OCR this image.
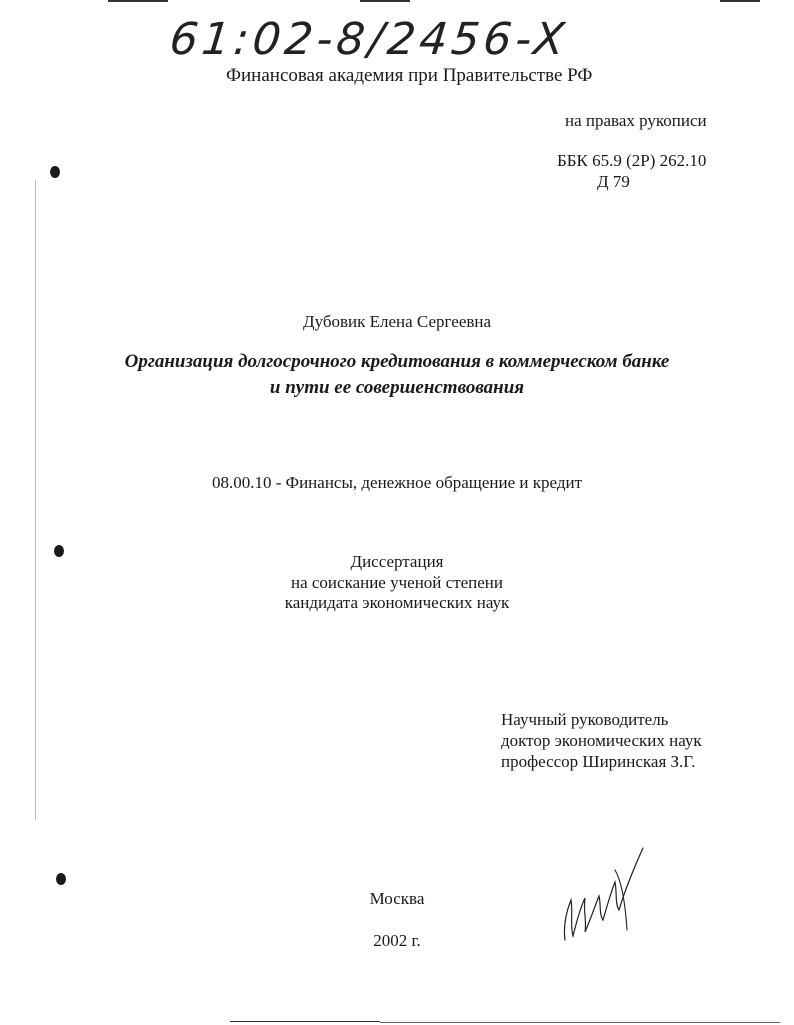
61:02-8/2456-X
Финансовая академия при Правительстве РФ
на правах рукописи
ББК 65.9 (2Р) 262.10
Д 79
Дубовик Елена Сергеевна
Организация долгосрочного кредитования в коммерческом банке
и пути ее совершенствования
08.00.10 - Финансы, денежное обращение и кредит
Диссертация
на соискание ученой степени
кандидата экономических наук
Научный руководитель
доктор экономических наук
профессор Ширинская З.Г.
Москва
2002 г.
